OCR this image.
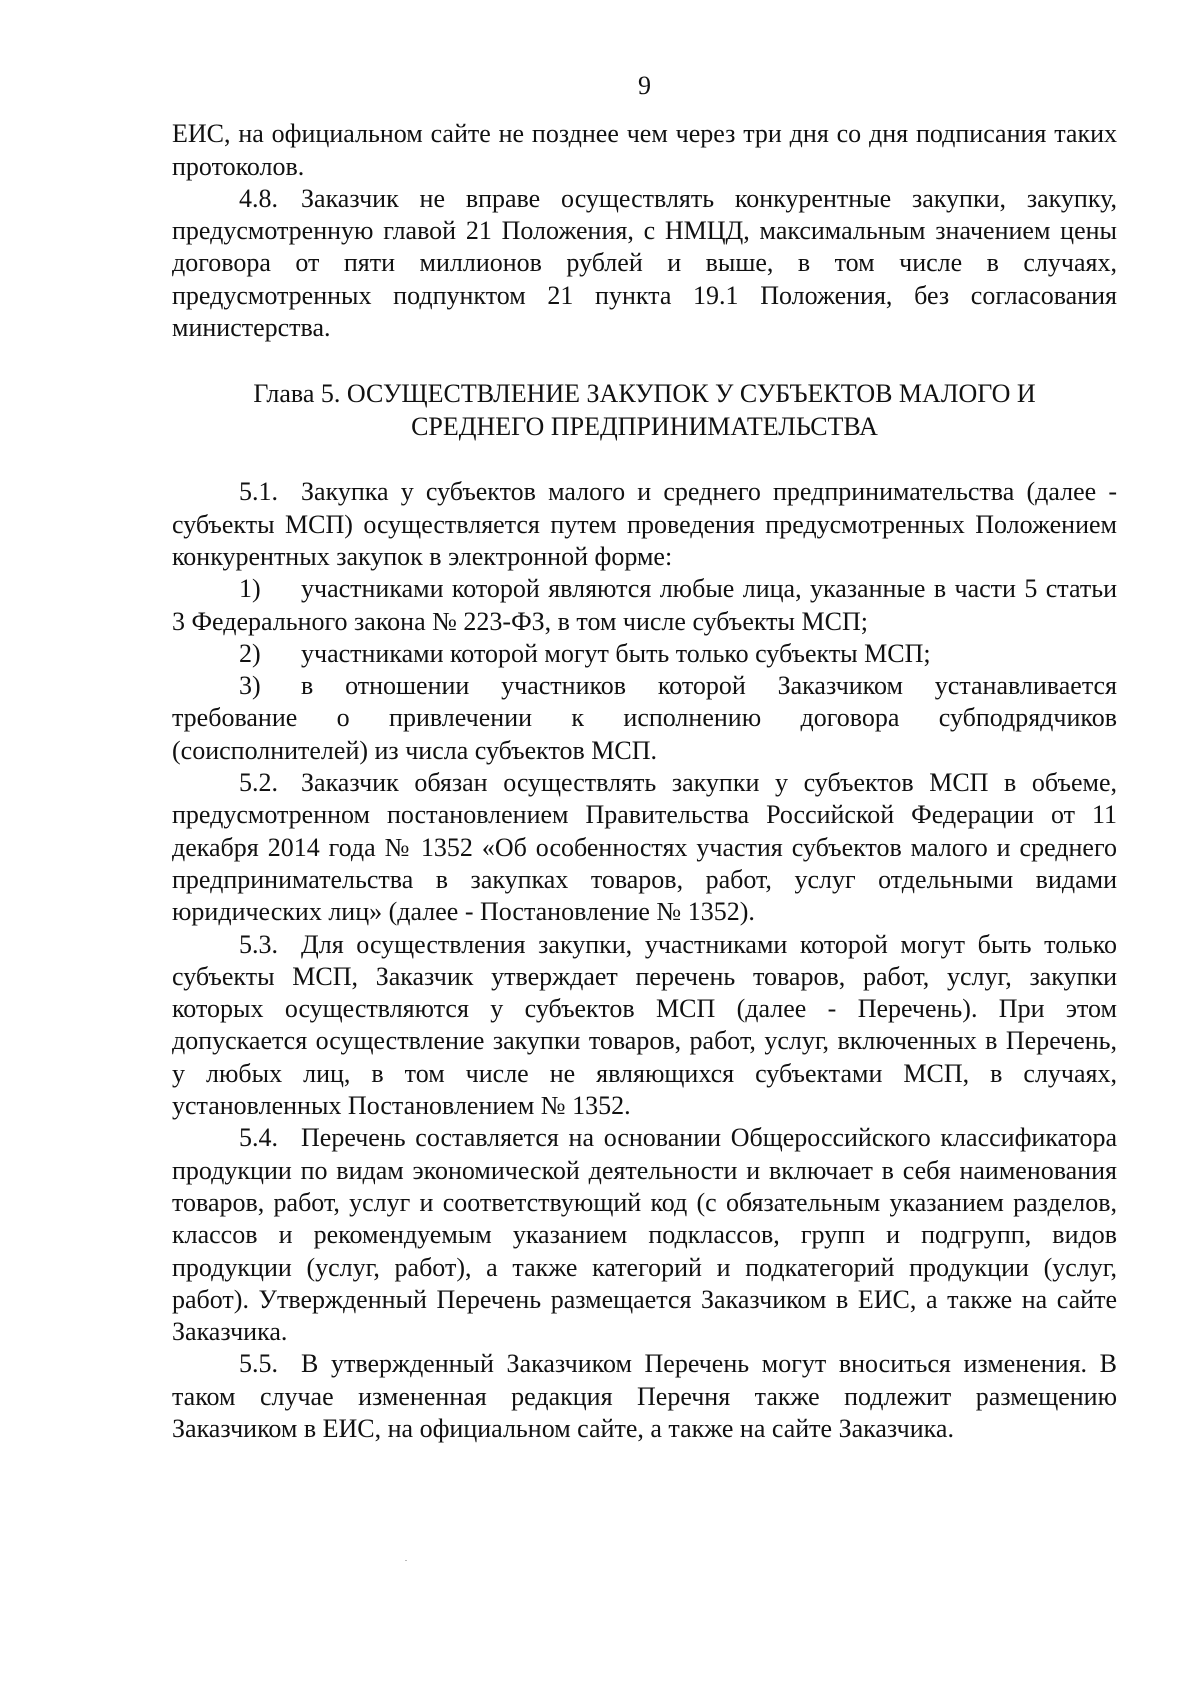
9

ЕИС, на официальном сайте не позднее чем через три дня со дня подписания таких протоколов.

4.8. Заказчик не вправе осуществлять конкурентные закупки, закупку, предусмотренную главой 21 Положения, с НМЦД, максимальным значением цены договора от пяти миллионов рублей и выше, в том числе в случаях, предусмотренных подпунктом 21 пункта 19.1 Положения, без согласования министерства.

Глава 5. ОСУЩЕСТВЛЕНИЕ ЗАКУПОК У СУБЪЕКТОВ МАЛОГО И
СРЕДНЕГО ПРЕДПРИНИМАТЕЛЬСТВА

5.1. Закупка у субъектов малого и среднего предпринимательства (далее - субъекты МСП) осуществляется путем проведения предусмотренных Положением конкурентных закупок в электронной форме:

1) участниками которой являются любые лица, указанные в части 5 статьи 3 Федерального закона № 223-ФЗ, в том числе субъекты МСП;

2) участниками которой могут быть только субъекты МСП;

3) в отношении участников которой Заказчиком устанавливается требование о привлечении к исполнению договора субподрядчиков (соисполнителей) из числа субъектов МСП.

5.2. Заказчик обязан осуществлять закупки у субъектов МСП в объеме, предусмотренном постановлением Правительства Российской Федерации от 11 декабря 2014 года № 1352 «Об особенностях участия субъектов малого и среднего предпринимательства в закупках товаров, работ, услуг отдельными видами юридических лиц» (далее - Постановление № 1352).

5.3. Для осуществления закупки, участниками которой могут быть только субъекты МСП, Заказчик утверждает перечень товаров, работ, услуг, закупки которых осуществляются у субъектов МСП (далее - Перечень). При этом допускается осуществление закупки товаров, работ, услуг, включенных в Перечень, у любых лиц, в том числе не являющихся субъектами МСП, в случаях, установленных Постановлением № 1352.

5.4. Перечень составляется на основании Общероссийского классификатора продукции по видам экономической деятельности и включает в себя наименования товаров, работ, услуг и соответствующий код (с обязательным указанием разделов, классов и рекомендуемым указанием подклассов, групп и подгрупп, видов продукции (услуг, работ), а также категорий и подкатегорий продукции (услуг, работ). Утвержденный Перечень размещается Заказчиком в ЕИС, а также на сайте Заказчика.

5.5. В утвержденный Заказчиком Перечень могут вноситься изменения. В таком случае измененная редакция Перечня также подлежит размещению Заказчиком в ЕИС, на официальном сайте, а также на сайте Заказчика.
